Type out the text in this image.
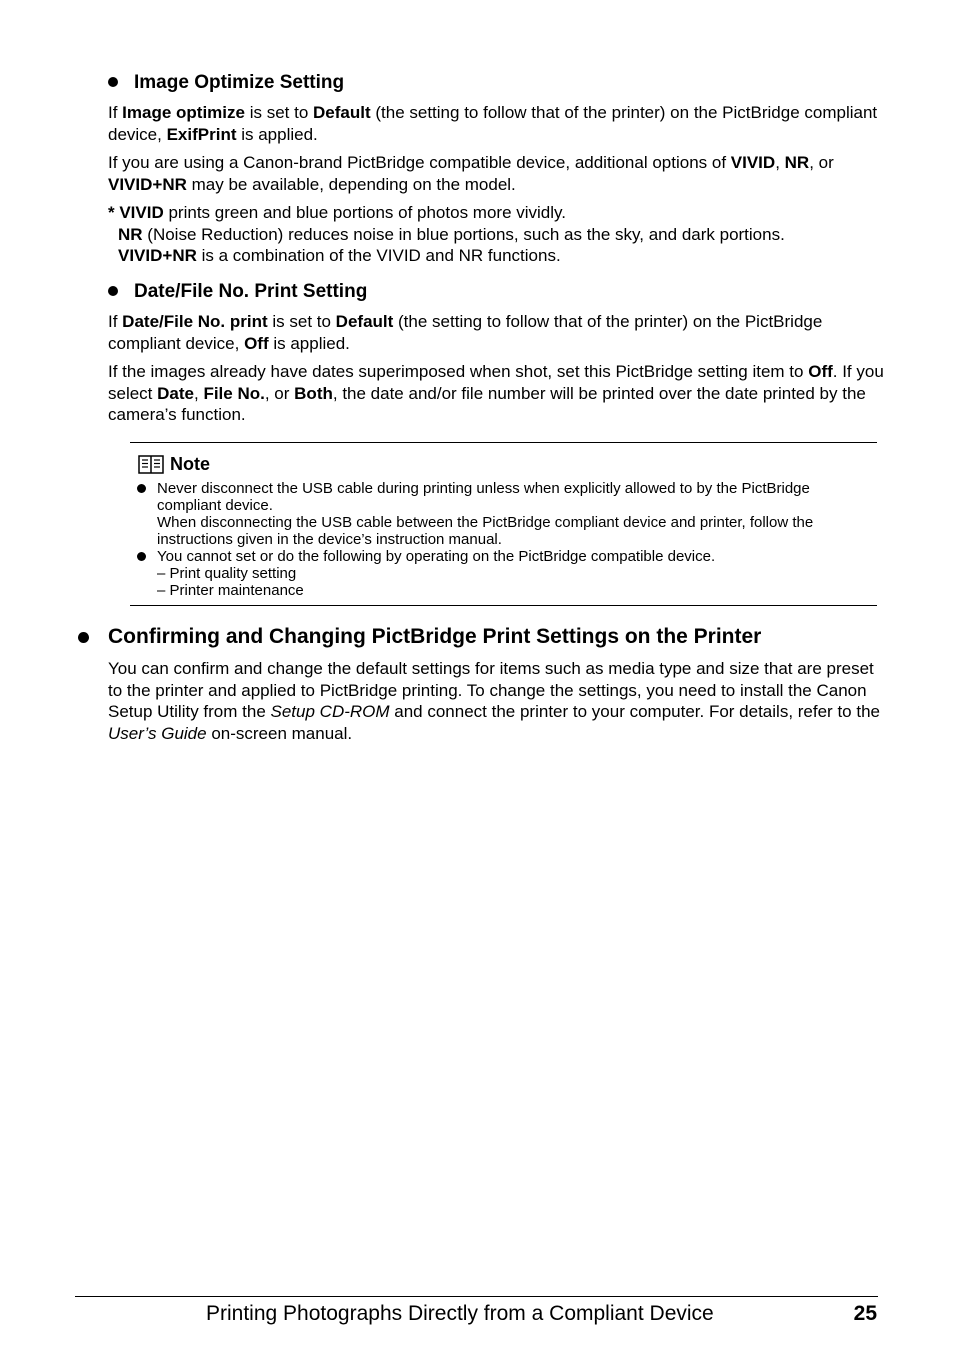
Image Optimize Setting

If Image optimize is set to Default (the setting to follow that of the printer) on the PictBridge compliant device, ExifPrint is applied.

If you are using a Canon-brand PictBridge compatible device, additional options of VIVID, NR, or VIVID+NR may be available, depending on the model.

* VIVID prints green and blue portions of photos more vividly.
NR (Noise Reduction) reduces noise in blue portions, such as the sky, and dark portions.
VIVID+NR is a combination of the VIVID and NR functions.

Date/File No. Print Setting

If Date/File No. print is set to Default (the setting to follow that of the printer) on the PictBridge compliant device, Off is applied.

If the images already have dates superimposed when shot, set this PictBridge setting item to Off. If you select Date, File No., or Both, the date and/or file number will be printed over the date printed by the camera’s function.

Note

Never disconnect the USB cable during printing unless when explicitly allowed to by the PictBridge compliant device.

When disconnecting the USB cable between the PictBridge compliant device and printer, follow the instructions given in the device’s instruction manual.

You cannot set or do the following by operating on the PictBridge compatible device.

– Print quality setting
– Printer maintenance
Confirming and Changing PictBridge Print Settings on the Printer

You can confirm and change the default settings for items such as media type and size that are preset to the printer and applied to PictBridge printing. To change the settings, you need to install the Canon Setup Utility from the Setup CD-ROM and connect the printer to your computer. For details, refer to the User’s Guide on-screen manual.

Printing Photographs Directly from a Compliant Device	25
